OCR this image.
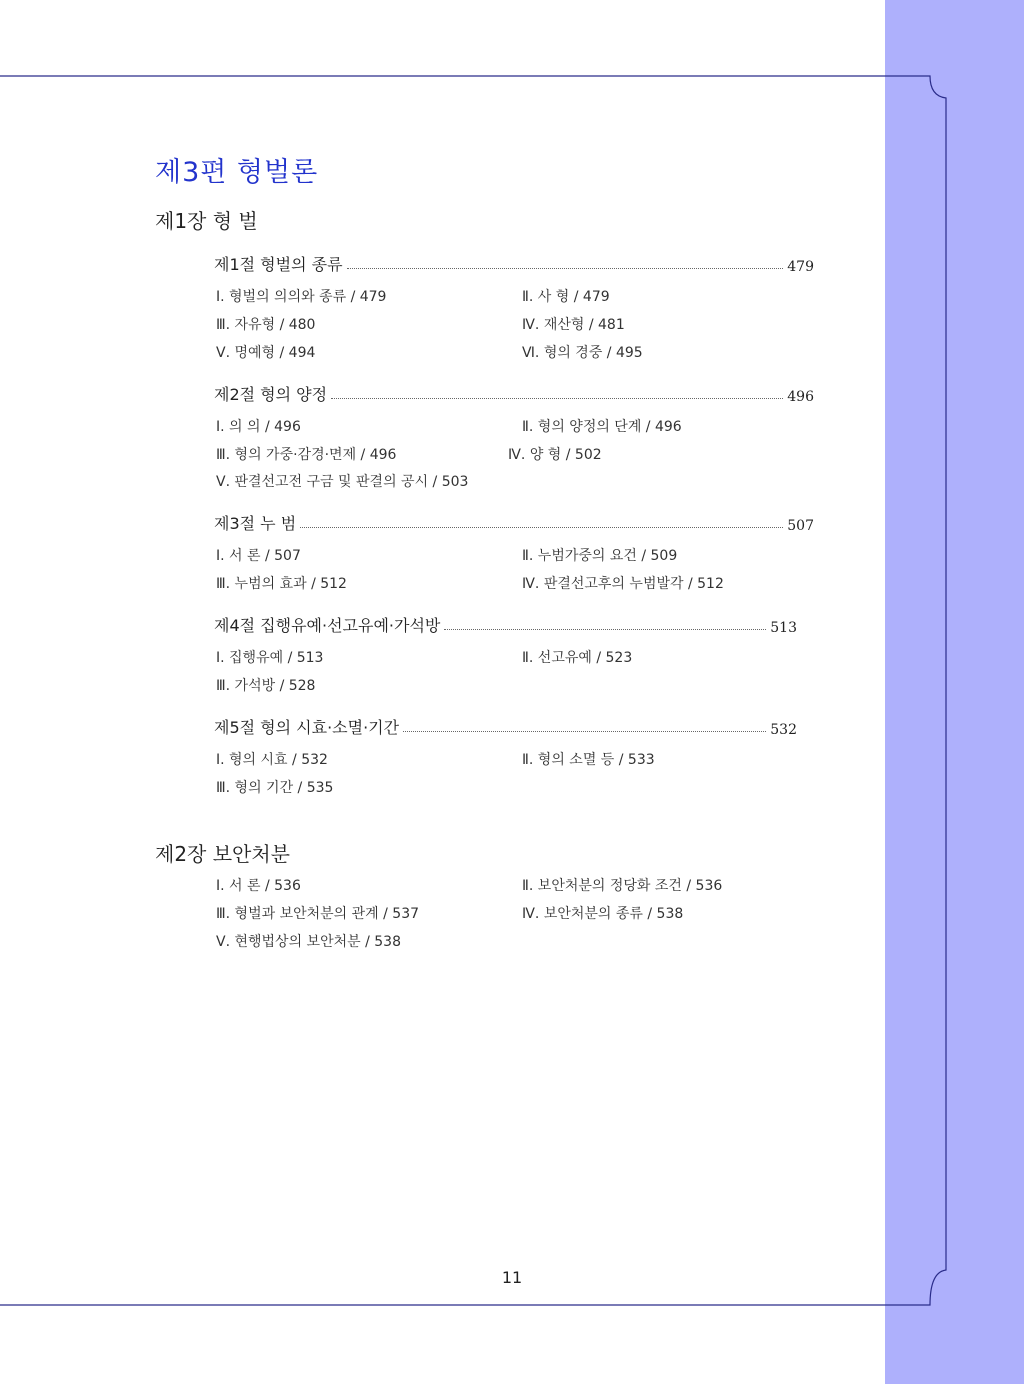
제3편 형벌론
제1장 형 벌
제1절 형벌의 종류	479
Ⅰ. 형벌의 의의와 종류 / 479	Ⅱ. 사 형 / 479
Ⅲ. 자유형 / 480	Ⅳ. 재산형 / 481
Ⅴ. 명예형 / 494	Ⅵ. 형의 경중 / 495
제2절 형의 양정	496
Ⅰ. 의 의 / 496	Ⅱ. 형의 양정의 단계 / 496
Ⅲ. 형의 가중·감경·면제 / 496	Ⅳ. 양 형 / 502
Ⅴ. 판결선고전 구금 및 판결의 공시 / 503
제3절 누 범	507
Ⅰ. 서 론 / 507	Ⅱ. 누범가중의 요건 / 509
Ⅲ. 누범의 효과 / 512	Ⅳ. 판결선고후의 누범발각 / 512
제4절 집행유예·선고유예·가석방	513
Ⅰ. 집행유예 / 513	Ⅱ. 선고유예 / 523
Ⅲ. 가석방 / 528
제5절 형의 시효·소멸·기간	532
Ⅰ. 형의 시효 / 532	Ⅱ. 형의 소멸 등 / 533
Ⅲ. 형의 기간 / 535
제2장 보안처분
Ⅰ. 서 론 / 536	Ⅱ. 보안처분의 정당화 조건 / 536
Ⅲ. 형벌과 보안처분의 관계 / 537	Ⅳ. 보안처분의 종류 / 538
Ⅴ. 현행법상의 보안처분 / 538
11
